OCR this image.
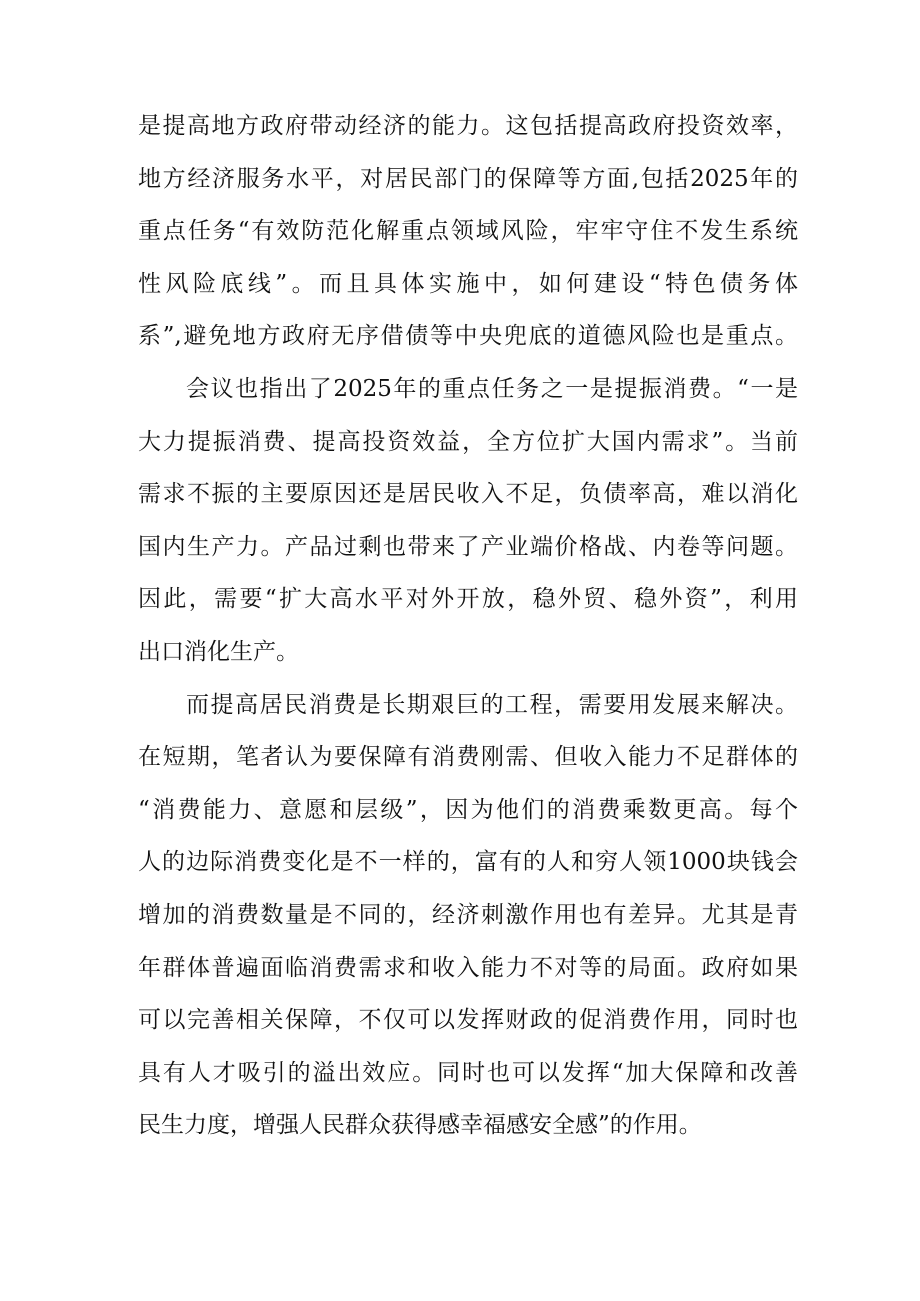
是提高地方政府带动经济的能力。这包括提高政府投资效率，
地方经济服务水平，对居民部门的保障等方面,包括2025年的
重点任务“有效防范化解重点领域风险，牢牢守住不发生系统
性风险底线”。而且具体实施中，如何建设“特色债务体
系”,避免地方政府无序借债等中央兜底的道德风险也是重点。
会议也指出了2025年的重点任务之一是提振消费。“一是
大力提振消费、提高投资效益，全方位扩大国内需求”。当前
需求不振的主要原因还是居民收入不足，负债率高，难以消化
国内生产力。产品过剩也带来了产业端价格战、内卷等问题。
因此，需要“扩大高水平对外开放，稳外贸、稳外资”，利用
出口消化生产。
而提高居民消费是长期艰巨的工程，需要用发展来解决。
在短期，笔者认为要保障有消费刚需、但收入能力不足群体的
“消费能力、意愿和层级”，因为他们的消费乘数更高。每个
人的边际消费变化是不一样的，富有的人和穷人领1000块钱会
增加的消费数量是不同的，经济刺激作用也有差异。尤其是青
年群体普遍面临消费需求和收入能力不对等的局面。政府如果
可以完善相关保障，不仅可以发挥财政的促消费作用，同时也
具有人才吸引的溢出效应。同时也可以发挥“加大保障和改善
民生力度，增强人民群众获得感幸福感安全感”的作用。
